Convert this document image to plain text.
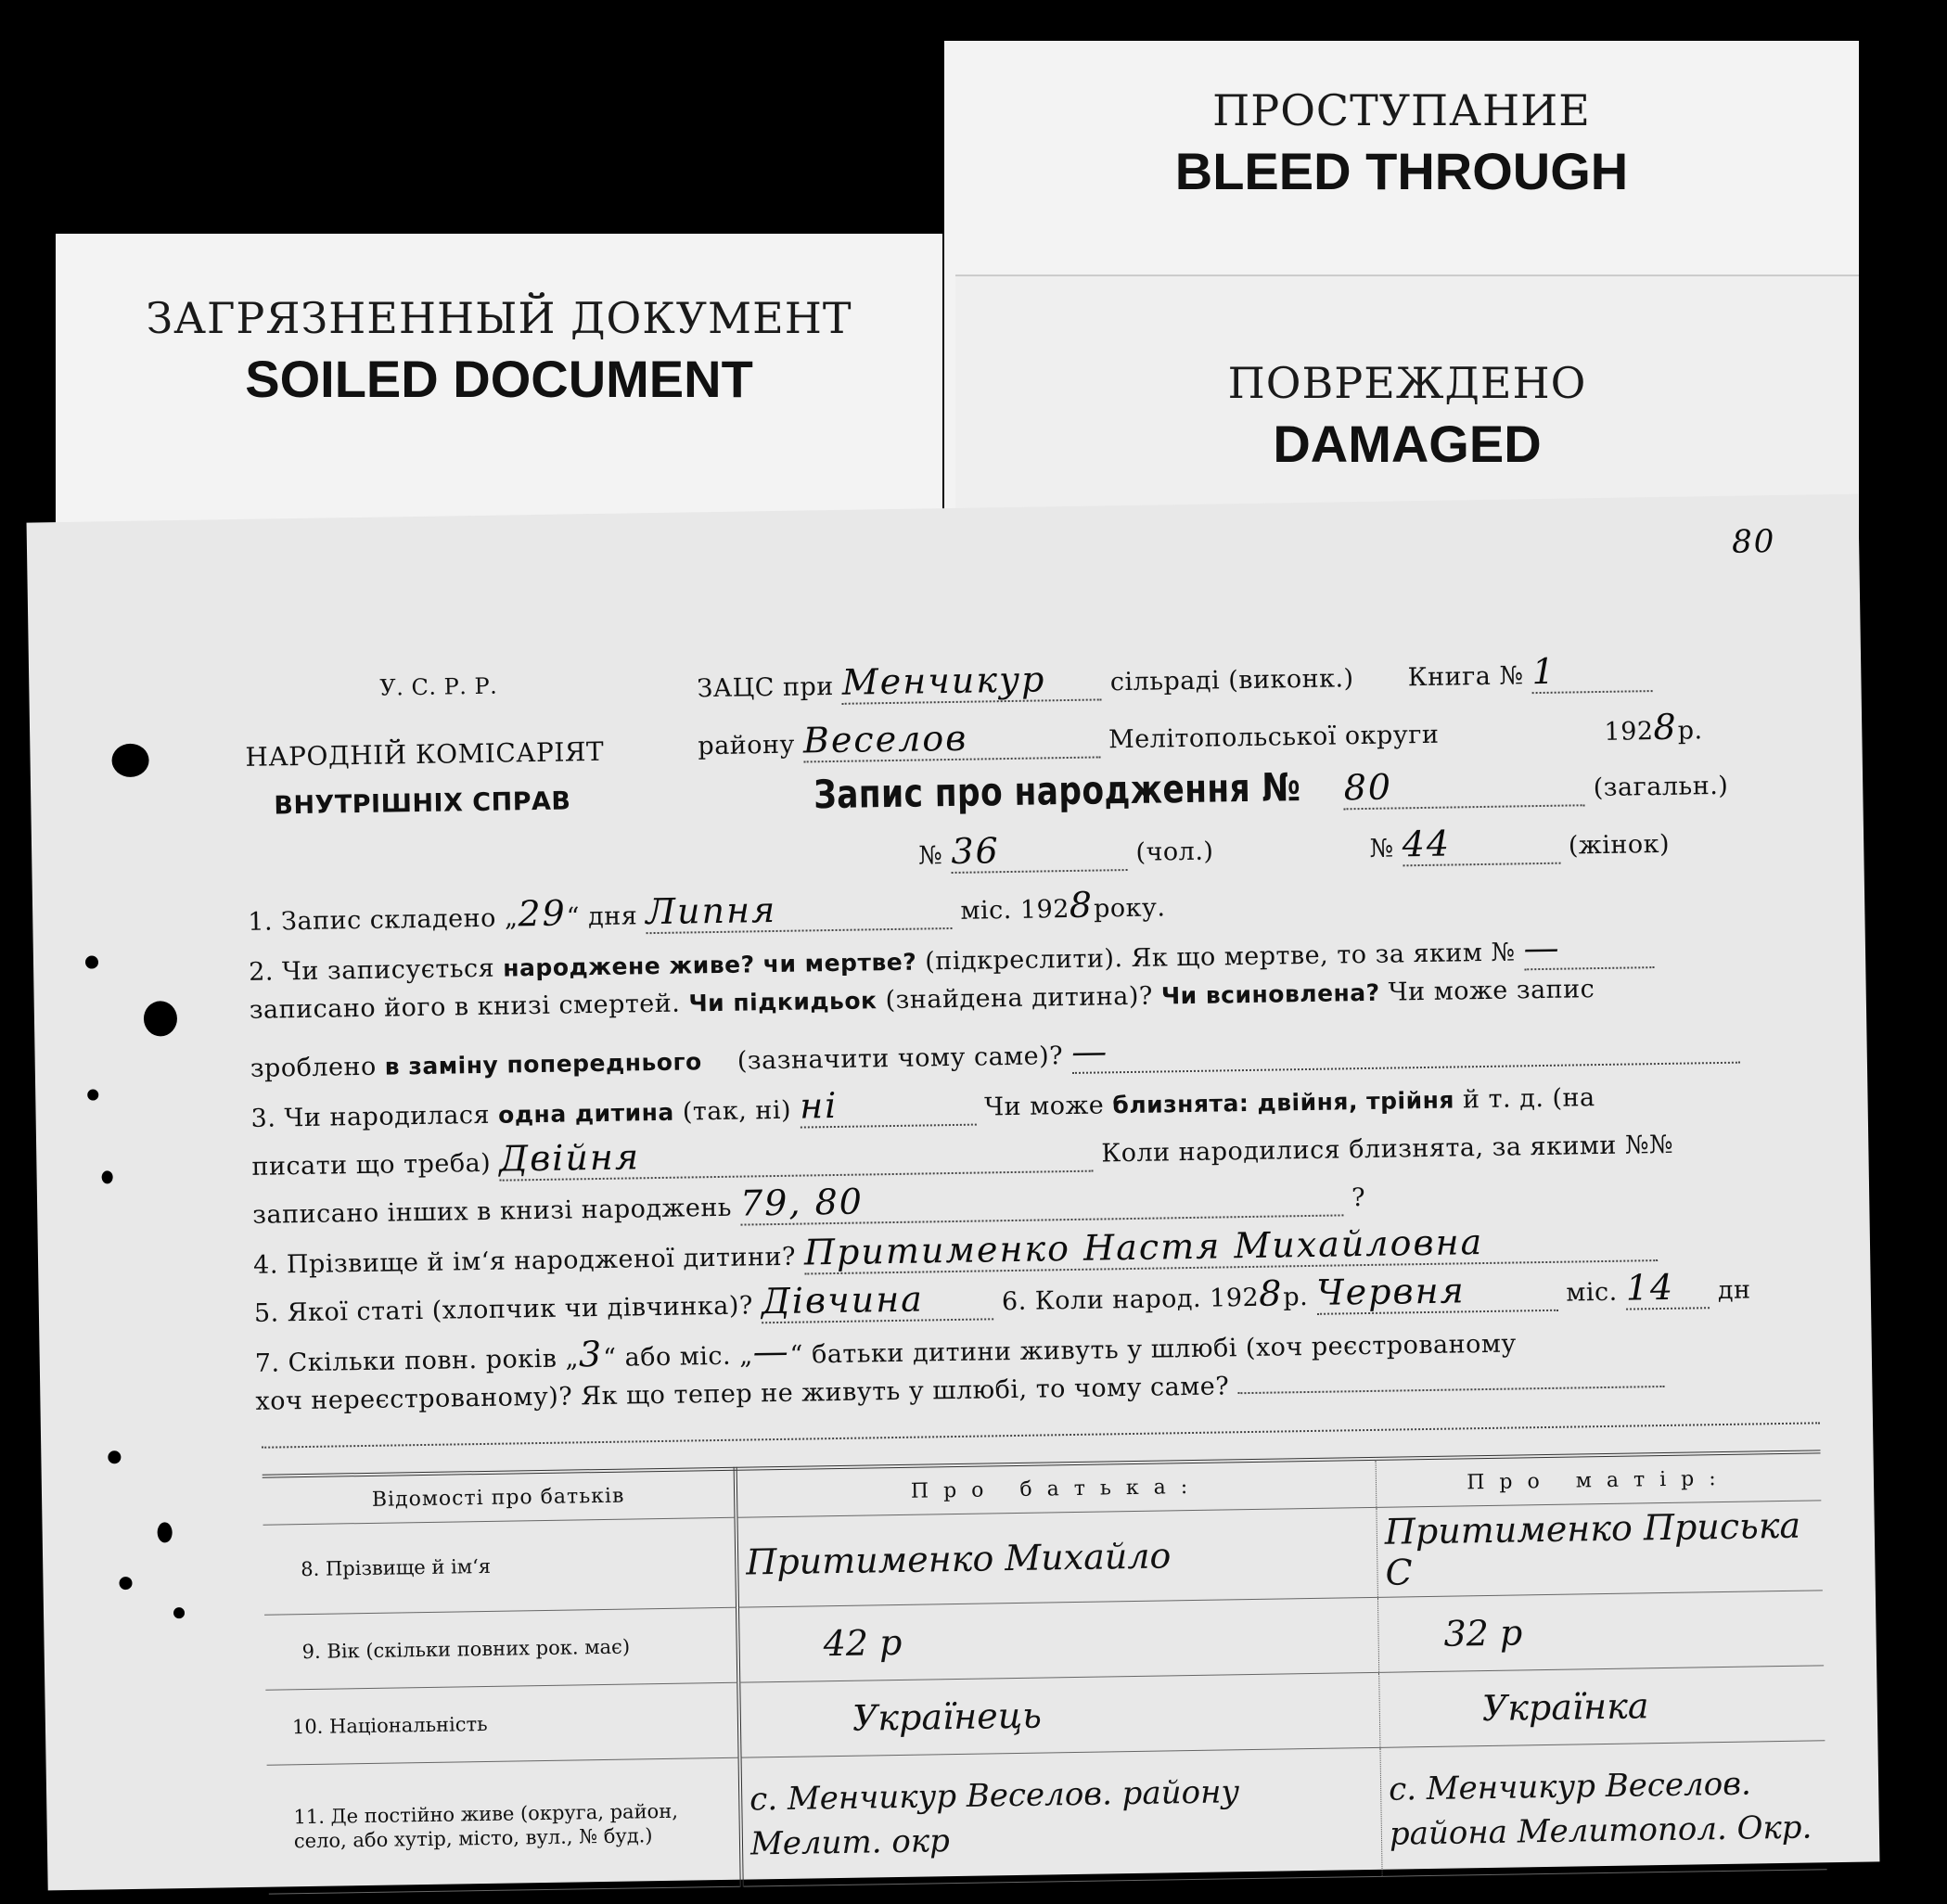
ПРОСТУПАНИЕ
BLEED THROUGH
ПОВРЕЖДЕНО
DAMAGED
ЗАГРЯЗНЕННЫЙ ДОКУМЕНТ
SOILED DOCUMENT
80
У. С. Р. Р.
НАРОДНІЙ КОМІСАРІЯТ
ВНУТРІШНІХ СПРАВ
ЗАЦС при Менчикур	сільраді (виконк.) Книга № 1
району Веселов	Мелітопольської округи	1928р.
Запис про народження № 80	(загальн.)
№ 36	(чол.)	№ 44	(жінок)
1. Запис складено „29“ дня Липня	міс. 1928року.
2. Чи записується народжене живе? чи мертве? (підкреслити). Як що мертве, то за яким № —
записано його в книзі смертей. Чи підкидьок (знайдена дитина)? Чи всиновлена? Чи може запис
зроблено в заміну попереднього (зазначити чому саме)? —
3. Чи народилася одна дитина (так, ні) ні	Чи може близнята: двійня, трійня й т. д. (на
писати що треба) Двійня	Коли народилися близнята, за якими №№
записано інших в книзі народжень 79, 80	?
4. Прізвище й ім‘я народженої дитини? Притименко Настя Михайловна
5. Якої статі (хлопчик чи дівчинка)? Дівчина	6. Коли народ. 1928р. Червня	міс. 14 дн
7. Скільки повн. років „3“ або міс. „—“ батьки дитини живуть у шлюбі (хоч реєстрованому
хоч нереєстрованому)? Як що тепер не живуть у шлюбі, то чому саме?
Відомості про батьків	Про батька:	Про матір:
8. Прізвище й ім‘я	Притименко Михайло	Притименко Приська С
9. Вік (скільки повних рок. має)	42 р	32 р
10. Національність	Українець	Українка
11. Де постійно живе (округа, район, село, або хутір, місто, вул., № буд.)	с. Менчикур Веселов. району Мелит. окр	с. Менчикур Веселов. района Мелитопол. Окр.
